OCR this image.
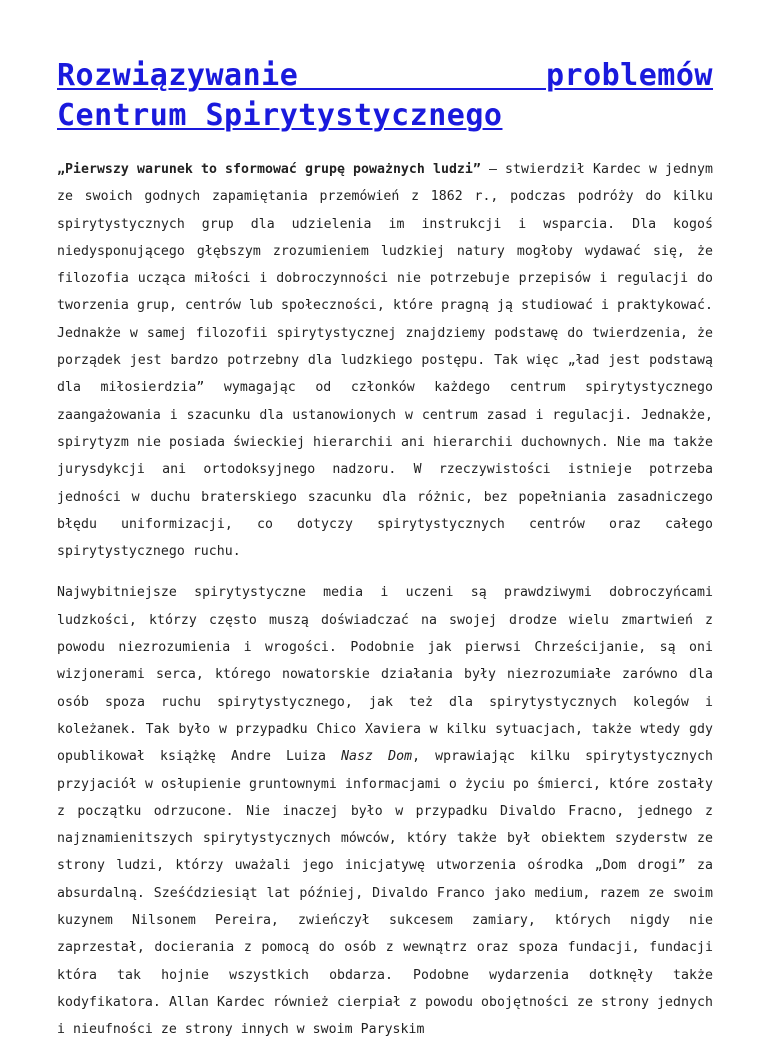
Rozwiązywanie problemów
Centrum Spirytystycznego

„Pierwszy warunek to sformować grupę poważnych ludzi” – stwierdził Kardec w jednym ze swoich godnych zapamiętania przemówień z 1862 r., podczas podróży do kilku spirytystycznych grup dla udzielenia im instrukcji i wsparcia. Dla kogoś niedysponującego głębszym zrozumieniem ludzkiej natury mogłoby wydawać się, że filozofia ucząca miłości i dobroczynności nie potrzebuje przepisów i regulacji do tworzenia grup, centrów lub społeczności, które pragną ją studiować i praktykować. Jednakże w samej filozofii spirytystycznej znajdziemy podstawę do twierdzenia, że porządek jest bardzo potrzebny dla ludzkiego postępu. Tak więc „ład jest podstawą dla miłosierdzia” wymagając od członków każdego centrum spirytystycznego zaangażowania i szacunku dla ustanowionych w centrum zasad i regulacji. Jednakże, spirytyzm nie posiada świeckiej hierarchii ani hierarchii duchownych. Nie ma także jurysdykcji ani ortodoksyjnego nadzoru. W rzeczywistości istnieje potrzeba jedności w duchu braterskiego szacunku dla różnic, bez popełniania zasadniczego błędu uniformizacji, co dotyczy spirytystycznych centrów oraz całego spirytystycznego ruchu.

Najwybitniejsze spirytystyczne media i uczeni są prawdziwymi dobroczyńcami ludzkości, którzy często muszą doświadczać na swojej drodze wielu zmartwień z powodu niezrozumienia i wrogości. Podobnie jak pierwsi Chrześcijanie, są oni wizjonerami serca, którego nowatorskie działania były niezrozumiałe zarówno dla osób spoza ruchu spirytystycznego, jak też dla spirytystycznych kolegów i koleżanek. Tak było w przypadku Chico Xaviera w kilku sytuacjach, także wtedy gdy opublikował książkę Andre Luiza Nasz Dom, wprawiając kilku spirytystycznych przyjaciół w osłupienie gruntownymi informacjami o życiu po śmierci, które zostały z początku odrzucone. Nie inaczej było w przypadku Divaldo Fracno, jednego z najznamienitszych spirytystycznych mówców, który także był obiektem szyderstw ze strony ludzi, którzy uważali jego inicjatywę utworzenia ośrodka „Dom drogi” za absurdalną. Sześćdziesiąt lat później, Divaldo Franco jako medium, razem ze swoim kuzynem Nilsonem Pereira, zwieńczył sukcesem zamiary, których nigdy nie zaprzestał, docierania z pomocą do osób z wewnątrz oraz spoza fundacji, fundacji która tak hojnie wszystkich obdarza. Podobne wydarzenia dotknęły także kodyfikatora. Allan Kardec również cierpiał z powodu obojętności ze strony jednych i nieufności ze strony innych w swoim Paryskim
